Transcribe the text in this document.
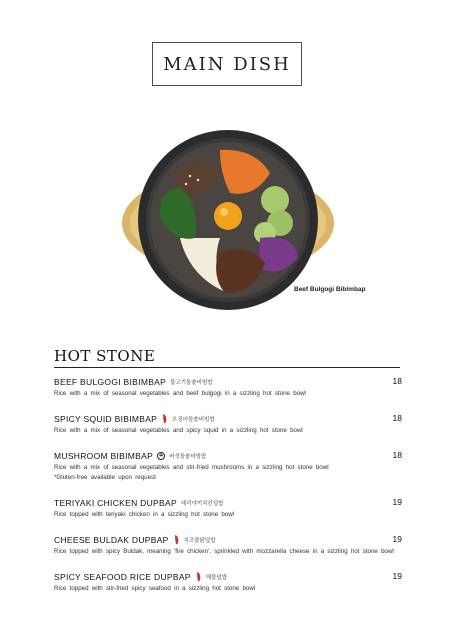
MAIN DISH
Beef Bulgogi Bibimbap
HOT STONE
BEEF BULGOGI BIBIMBAP 불고기돌솥비빔밥	18
Rice with a mix of seasonal vegetables and beef bulgogi in a sizzling hot stone bowl
SPICY SQUID BIBIMBAP	오징어돌솥비빔밥	18
Rice with a mix of seasonal vegetables and spicy squid in a sizzling hot stone bowl
MUSHROOM BIBIMBAP	☘	버섯돌솥비빔밥	18
Rice with a mix of seasonal vegetables and stir-fried mushrooms in a sizzling hot stone bowl
*Gluten-free available upon request
TERIYAKI CHICKEN DUPBAP 데리야끼치킨덮밥	19
Rice topped with teriyaki chicken in a sizzling hot stone bowl
CHEESE BULDAK DUPBAP	치즈불닭덮밥	19
Rice topped with spicy Buldak, meaning 'fire chicken', sprinkled with mozzarella cheese in a sizzling hot stone bowl
SPICY SEAFOOD RICE DUPBAP	해물덮밥	19
Rice topped with stir-fried spicy seafood in a sizzling hot stone bowl
